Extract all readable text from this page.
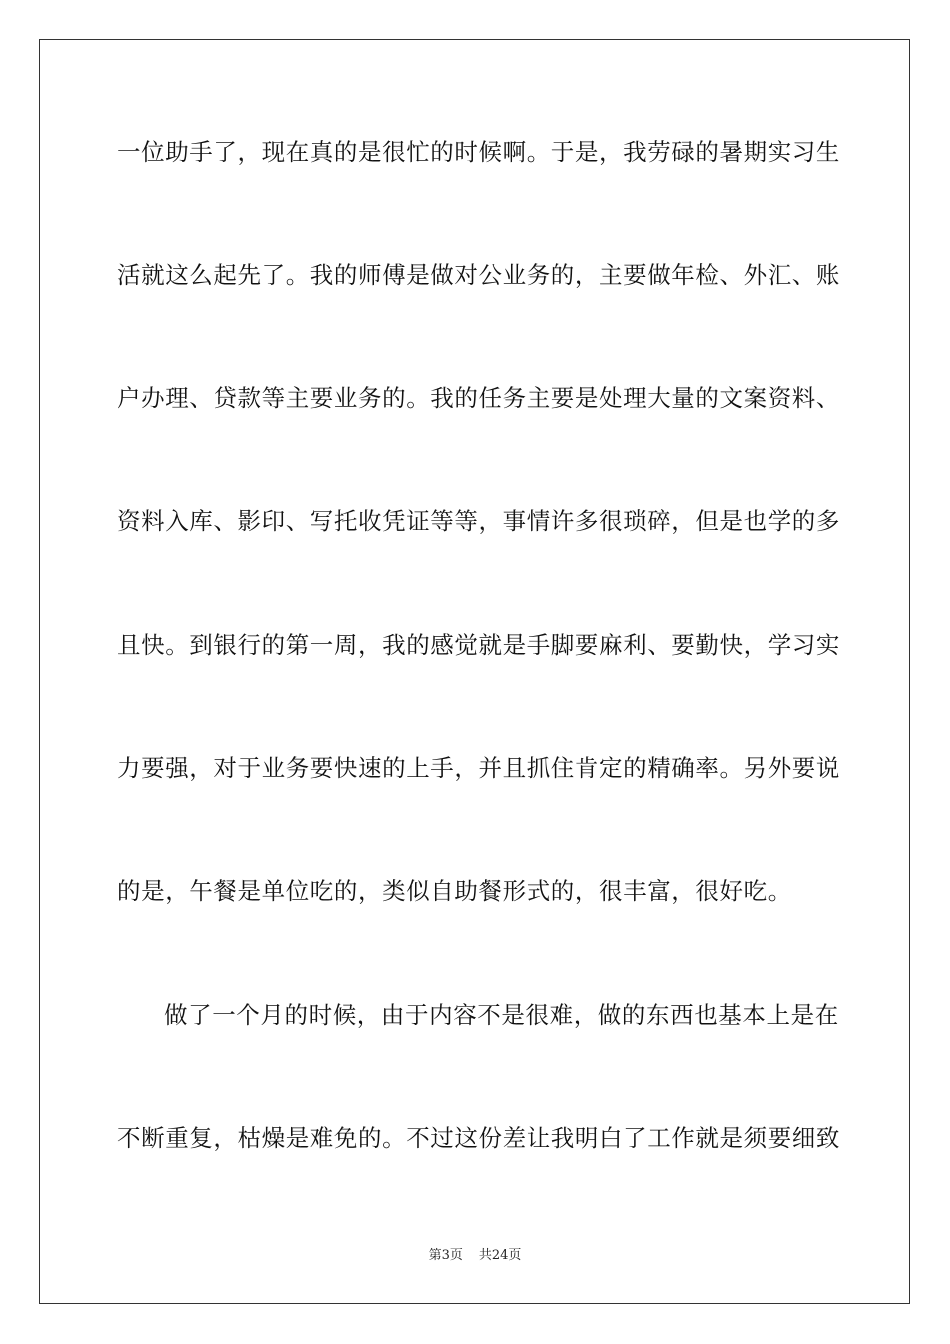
一位助手了，现在真的是很忙的时候啊。于是，我劳碌的暑期实习生
活就这么起先了。我的师傅是做对公业务的，主要做年检、外汇、账
户办理、贷款等主要业务的。我的任务主要是处理大量的文案资料、
资料入库、影印、写托收凭证等等，事情许多很琐碎，但是也学的多
且快。到银行的第一周，我的感觉就是手脚要麻利、要勤快，学习实
力要强，对于业务要快速的上手，并且抓住肯定的精确率。另外要说
的是，午餐是单位吃的，类似自助餐形式的，很丰富，很好吃。
做了一个月的时候，由于内容不是很难，做的东西也基本上是在
不断重复，枯燥是难免的。不过这份差让我明白了工作就是须要细致
第3页 共24页
